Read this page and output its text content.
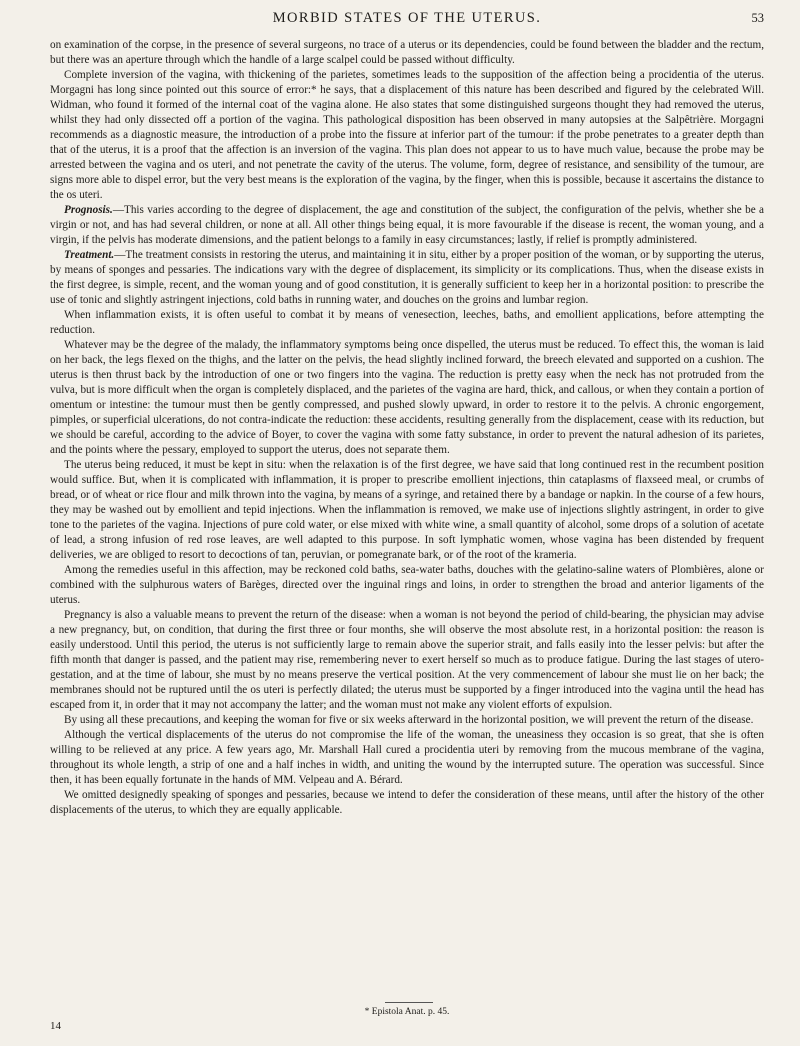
MORBID STATES OF THE UTERUS.	53

on examination of the corpse, in the presence of several surgeons, no trace of a uterus or its dependencies, could be found between the bladder and the rectum, but there was an aperture through which the handle of a large scalpel could be passed without difficulty.

Complete inversion of the vagina, with thickening of the parietes, sometimes leads to the supposition of the affection being a procidentia of the uterus. Morgagni has long since pointed out this source of error:* he says, that a displacement of this nature has been described and figured by the celebrated Will. Widman, who found it formed of the internal coat of the vagina alone. He also states that some distinguished surgeons thought they had removed the uterus, whilst they had only dissected off a portion of the vagina. This pathological disposition has been observed in many autopsies at the Salpêtrière. Morgagni recommends as a diagnostic measure, the introduction of a probe into the fissure at inferior part of the tumour: if the probe penetrates to a greater depth than that of the uterus, it is a proof that the affection is an inversion of the vagina. This plan does not appear to us to have much value, because the probe may be arrested between the vagina and os uteri, and not penetrate the cavity of the uterus. The volume, form, degree of resistance, and sensibility of the tumour, are signs more able to dispel error, but the very best means is the exploration of the vagina, by the finger, when this is possible, because it ascertains the distance to the os uteri.

Prognosis.—This varies according to the degree of displacement, the age and constitution of the subject, the configuration of the pelvis, whether she be a virgin or not, and has had several children, or none at all. All other things being equal, it is more favourable if the disease is recent, the woman young, and a virgin, if the pelvis has moderate dimensions, and the patient belongs to a family in easy circumstances; lastly, if relief is promptly administered.

Treatment.—The treatment consists in restoring the uterus, and maintaining it in situ, either by a proper position of the woman, or by supporting the uterus, by means of sponges and pessaries. The indications vary with the degree of displacement, its simplicity or its complications. Thus, when the disease exists in the first degree, is simple, recent, and the woman young and of good constitution, it is generally sufficient to keep her in a horizontal position: to prescribe the use of tonic and slightly astringent injections, cold baths in running water, and douches on the groins and lumbar region.

When inflammation exists, it is often useful to combat it by means of venesection, leeches, baths, and emollient applications, before attempting the reduction.

Whatever may be the degree of the malady, the inflammatory symptoms being once dispelled, the uterus must be reduced. To effect this, the woman is laid on her back, the legs flexed on the thighs, and the latter on the pelvis, the head slightly inclined forward, the breech elevated and supported on a cushion. The uterus is then thrust back by the introduction of one or two fingers into the vagina. The reduction is pretty easy when the neck has not protruded from the vulva, but is more difficult when the organ is completely displaced, and the parietes of the vagina are hard, thick, and callous, or when they contain a portion of omentum or intestine: the tumour must then be gently compressed, and pushed slowly upward, in order to restore it to the pelvis. A chronic engorgement, pimples, or superficial ulcerations, do not contra-indicate the reduction: these accidents, resulting generally from the displacement, cease with its reduction, but we should be careful, according to the advice of Boyer, to cover the vagina with some fatty substance, in order to prevent the natural adhesion of its parietes, and the points where the pessary, employed to support the uterus, does not separate them.

The uterus being reduced, it must be kept in situ: when the relaxation is of the first degree, we have said that long continued rest in the recumbent position would suffice. But, when it is complicated with inflammation, it is proper to prescribe emollient injections, thin cataplasms of flaxseed meal, or crumbs of bread, or of wheat or rice flour and milk thrown into the vagina, by means of a syringe, and retained there by a bandage or napkin. In the course of a few hours, they may be washed out by emollient and tepid injections. When the inflammation is removed, we make use of injections slightly astringent, in order to give tone to the parietes of the vagina. Injections of pure cold water, or else mixed with white wine, a small quantity of alcohol, some drops of a solution of acetate of lead, a strong infusion of red rose leaves, are well adapted to this purpose. In soft lymphatic women, whose vagina has been distended by frequent deliveries, we are obliged to resort to decoctions of tan, peruvian, or pomegranate bark, or of the root of the krameria.

Among the remedies useful in this affection, may be reckoned cold baths, sea-water baths, douches with the gelatino-saline waters of Plombières, alone or combined with the sulphurous waters of Barèges, directed over the inguinal rings and loins, in order to strengthen the broad and anterior ligaments of the uterus.

Pregnancy is also a valuable means to prevent the return of the disease: when a woman is not beyond the period of child-bearing, the physician may advise a new pregnancy, but, on condition, that during the first three or four months, she will observe the most absolute rest, in a horizontal position: the reason is easily understood. Until this period, the uterus is not sufficiently large to remain above the superior strait, and falls easily into the lesser pelvis: but after the fifth month that danger is passed, and the patient may rise, remembering never to exert herself so much as to produce fatigue. During the last stages of utero-gestation, and at the time of labour, she must by no means preserve the vertical position. At the very commencement of labour she must lie on her back; the membranes should not be ruptured until the os uteri is perfectly dilated; the uterus must be supported by a finger introduced into the vagina until the head has escaped from it, in order that it may not accompany the latter; and the woman must not make any violent efforts of expulsion.

By using all these precautions, and keeping the woman for five or six weeks afterward in the horizontal position, we will prevent the return of the disease.

Although the vertical displacements of the uterus do not compromise the life of the woman, the uneasiness they occasion is so great, that she is often willing to be relieved at any price. A few years ago, Mr. Marshall Hall cured a procidentia uteri by removing from the mucous membrane of the vagina, throughout its whole length, a strip of one and a half inches in width, and uniting the wound by the interrupted suture. The operation was successful. Since then, it has been equally fortunate in the hands of MM. Velpeau and A. Bérard.

We omitted designedly speaking of sponges and pessaries, because we intend to defer the consideration of these means, until after the history of the other displacements of the uterus, to which they are equally applicable.

* Epistola Anat. p. 45.
14
